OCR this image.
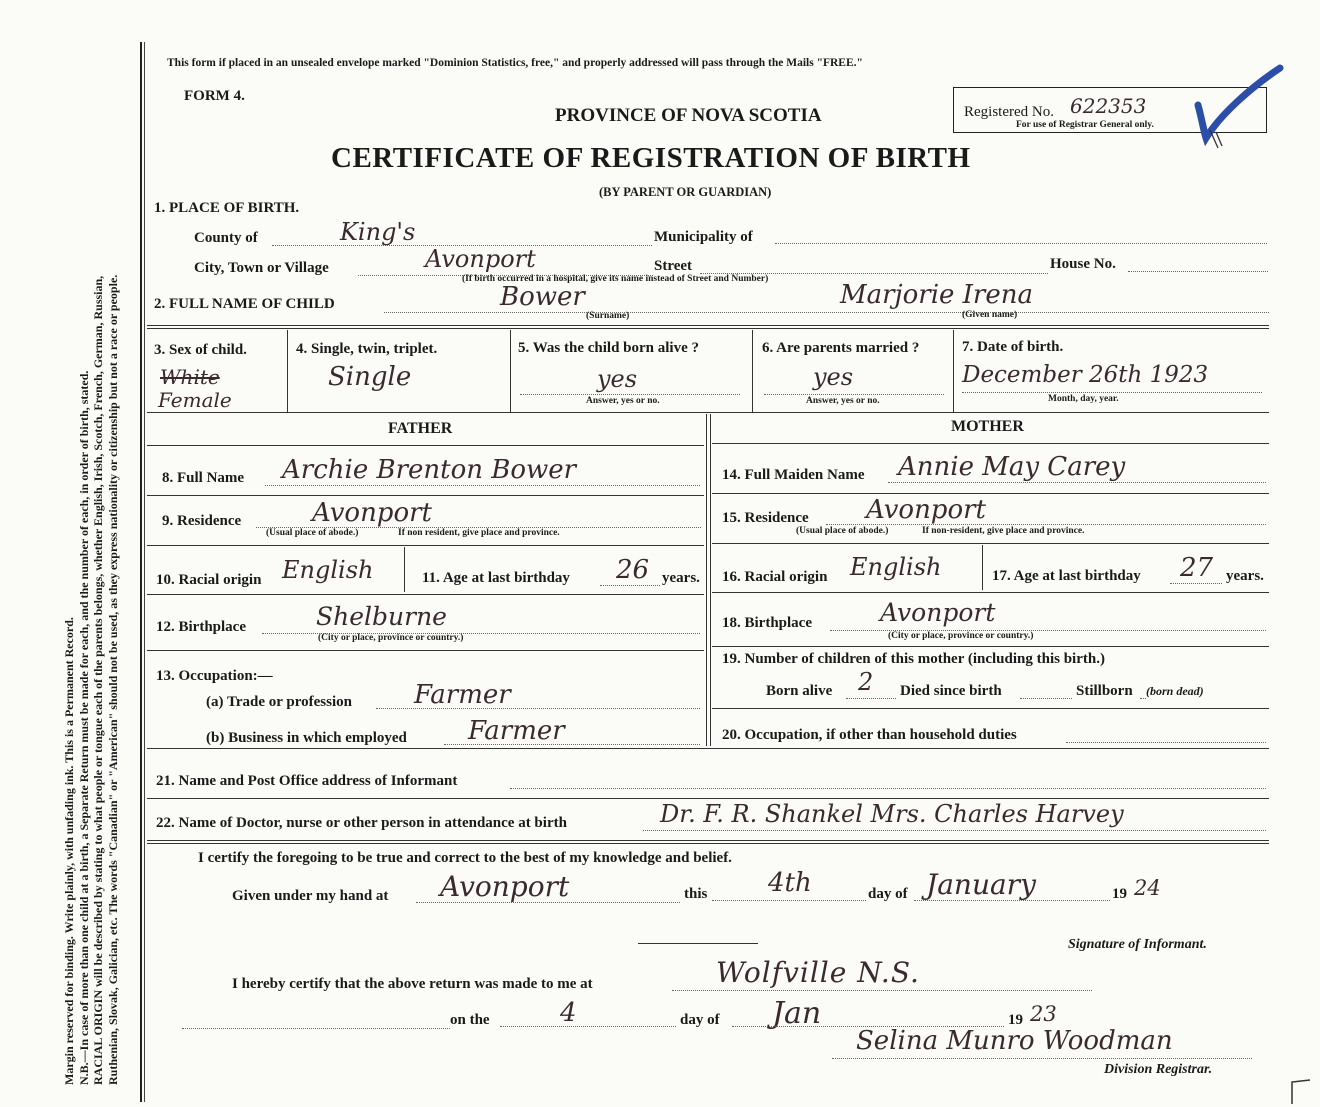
Margin reserved for binding. Write plainly, with unfading ink. This is a Permanent Record. N.B.—In case of more than one child at a birth, a Separate Return must be made for each, and the number of each, in order of birth, stated. RACIAL ORIGIN will be described by stating to what people or tongue each of the parents belongs, whether English, Irish, Scotch, French, German, Russian, Ruthenian, Slovak, Galician, etc. The words "Canadian" or "American" should not be used, as they express nationality or citizenship but not a race or people.
This form if placed in an unsealed envelope marked "Dominion Statistics, free," and properly addressed will pass through the Mails "FREE."
FORM 4.
PROVINCE OF NOVA SCOTIA
CERTIFICATE OF REGISTRATION OF BIRTH
(BY PARENT OR GUARDIAN)
Registered No. 622353
For use of Registrar General only.
1. PLACE OF BIRTH.
County of	King's	Municipality of
City, Town or Village	Avonport	Street	House No.
(If birth occurred in a hospital, give its name instead of Street and Number)
2. FULL NAME OF CHILD	Bower
(Surname)
Marjorie Irena
(Given name)
3. Sex of child.
White
Female
4. Single, twin, triplet.
Single
5. Was the child born alive ?
yes
Answer, yes or no.
6. Are parents married ?
yes
Answer, yes or no.
7. Date of birth.
December 26th 1923
Month, day, year.
FATHER	MOTHER
8. Full Name Archie Brenton Bower
9. Residence	Avonport
(Usual place of abode.)	If non resident, give place and province.
10. Racial origin English	11. Age at last birthday 26 years.
12. Birthplace	Shelburne
(City or place, province or country.)
13. Occupation:—
(a) Trade or profession Farmer
(b) Business in which employed Farmer
14. Full Maiden Name Annie May Carey
15. Residence Avonport
(Usual place of abode.)	If non-resident, give place and province.
16. Racial origin English	17. Age at last birthday 27 years.
18. Birthplace	Avonport
(City or place, province or country.)
19. Number of children of this mother (including this birth.)
Born alive 2 Died since birth	Stillborn (born dead)
20. Occupation, if other than household duties
21. Name and Post Office address of Informant
22. Name of Doctor, nurse or other person in attendance at birth	Dr. F. R. Shankel Mrs. Charles Harvey
I certify the foregoing to be true and correct to the best of my knowledge and belief.
Given under my hand at Avonport	this 4th	day of January	19 24
Signature of Informant.
I hereby certify that the above return was made to me at	Wolfville N.S.
on the	4	day of Jan	19 23
Selina Munro Woodman
Division Registrar.
